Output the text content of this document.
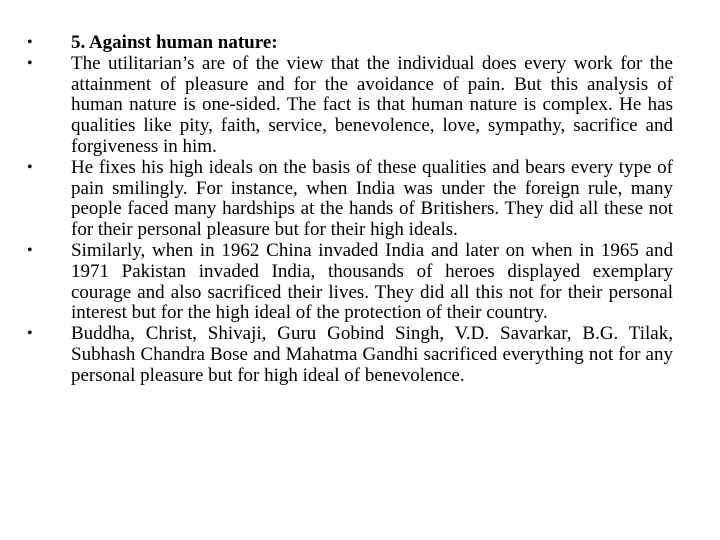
•	5. Against human nature:
•	The utilitarian’s are of the view that the individual does every work for the attainment of pleasure and for the avoidance of pain. But this analysis of human nature is one-sided. The fact is that human nature is complex. He has qualities like pity, faith, service, benevolence, love, sympathy, sacrifice and forgiveness in him.
•	He fixes his high ideals on the basis of these qualities and bears every type of pain smilingly. For instance, when India was under the foreign rule, many people faced many hardships at the hands of Britishers. They did all these not for their personal pleasure but for their high ideals.
•	Similarly, when in 1962 China invaded India and later on when in 1965 and 1971 Pakistan invaded India, thousands of heroes displayed exemplary courage and also sacrificed their lives. They did all this not for their personal interest but for the high ideal of the protection of their country.
•	Buddha, Christ, Shivaji, Guru Gobind Singh, V.D. Savarkar, B.G. Tilak, Subhash Chandra Bose and Mahatma Gandhi sacrificed everything not for any personal pleasure but for high ideal of benevolence.
